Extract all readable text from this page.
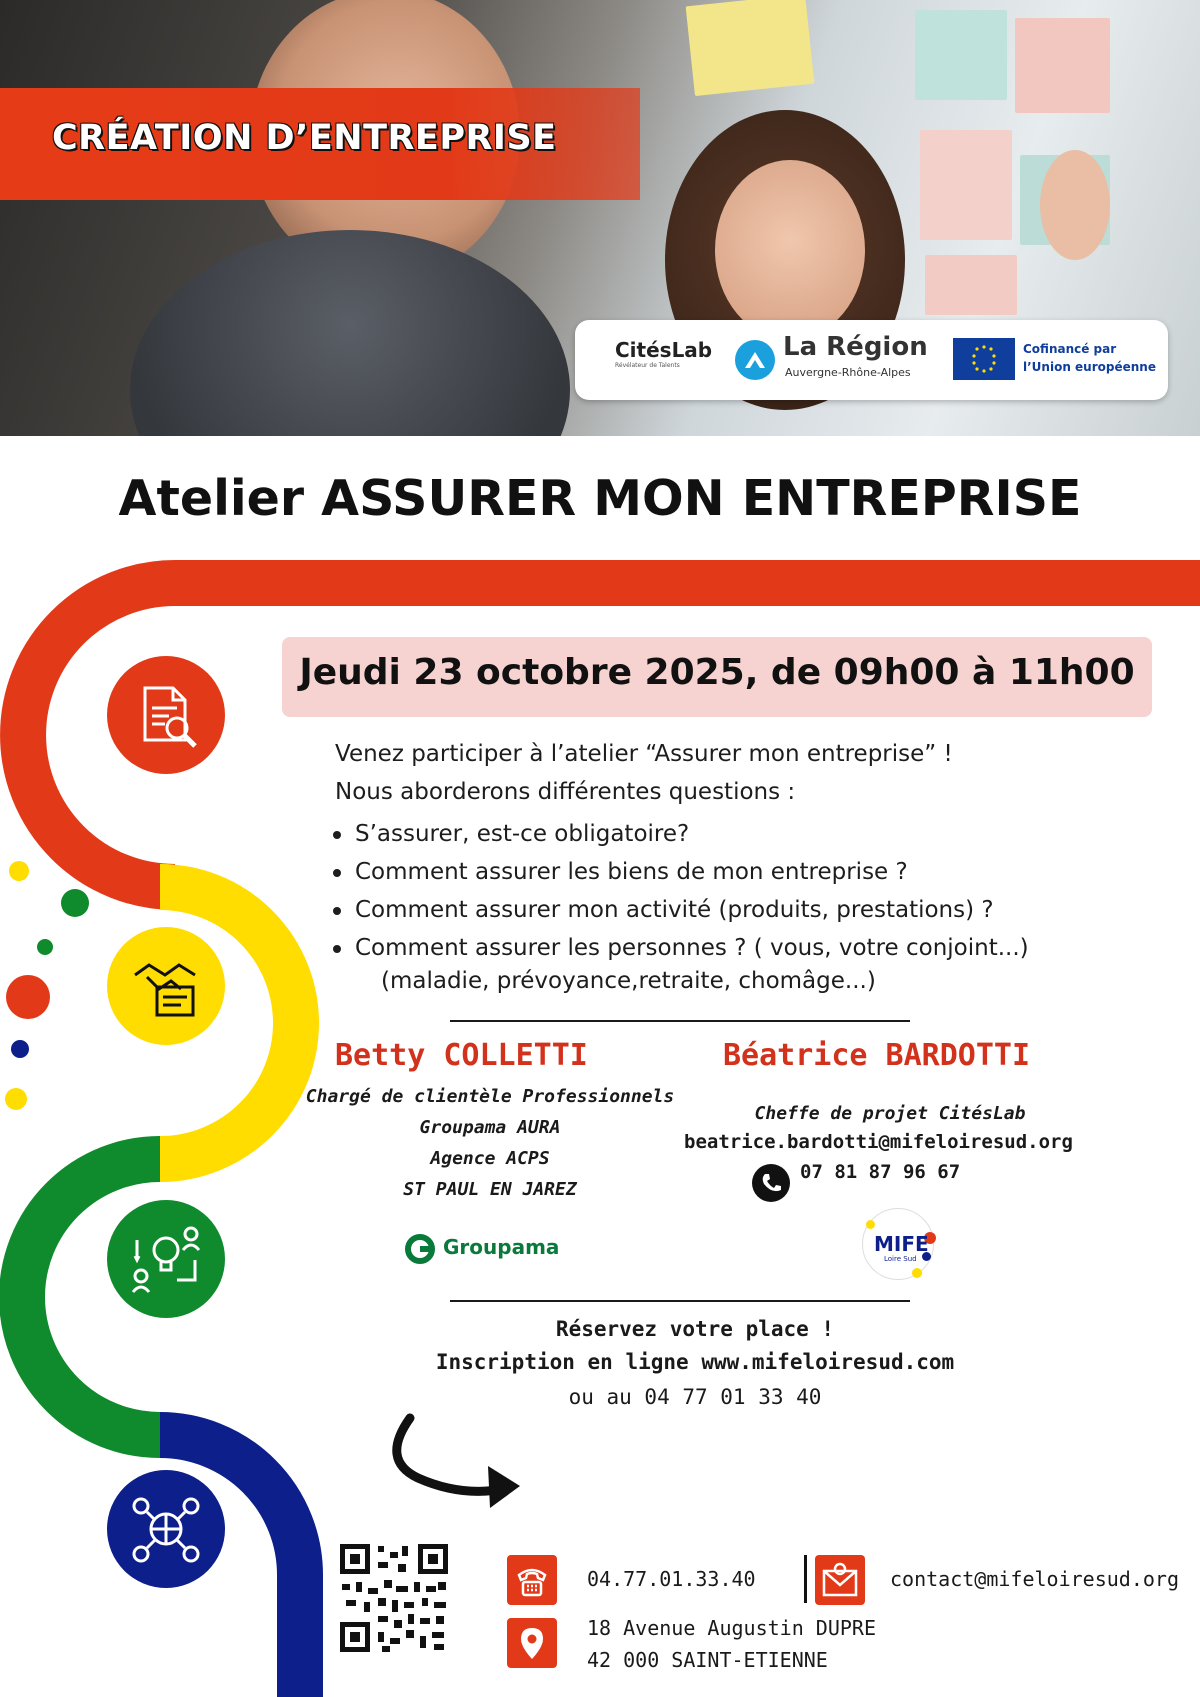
CRÉATION D’ENTREPRISE
CitésLab
Révélateur de Talents
La Région
Auvergne-Rhône-Alpes
Cofinancé par
l’Union européenne
Atelier ASSURER MON ENTREPRISE
Jeudi 23 octobre 2025, de 09h00 à 11h00
Venez participer à l’atelier “Assurer mon entreprise” !
Nous aborderons différentes questions :
S’assurer, est-ce obligatoire?
Comment assurer les biens de mon entreprise ?
Comment assurer mon activité (produits, prestations) ?
Comment assurer les personnes ? ( vous, votre conjoint...)
(maladie, prévoyance,retraite, chomâge...)
Betty COLLETTI
Chargé de clientèle Professionnels
Groupama AURA
Agence ACPS
ST PAUL EN JAREZ
Groupama
Béatrice BARDOTTI
Cheffe de projet CitésLab
beatrice.bardotti@mifeloiresud.org
07 81 87 96 67
MIFE
Loire Sud
Réservez votre place !
Inscription en ligne www.mifeloiresud.com
ou au 04 77 01 33 40
04.77.01.33.40	contact@mifeloiresud.org
18 Avenue Augustin DUPRE
42 000 SAINT-ETIENNE
